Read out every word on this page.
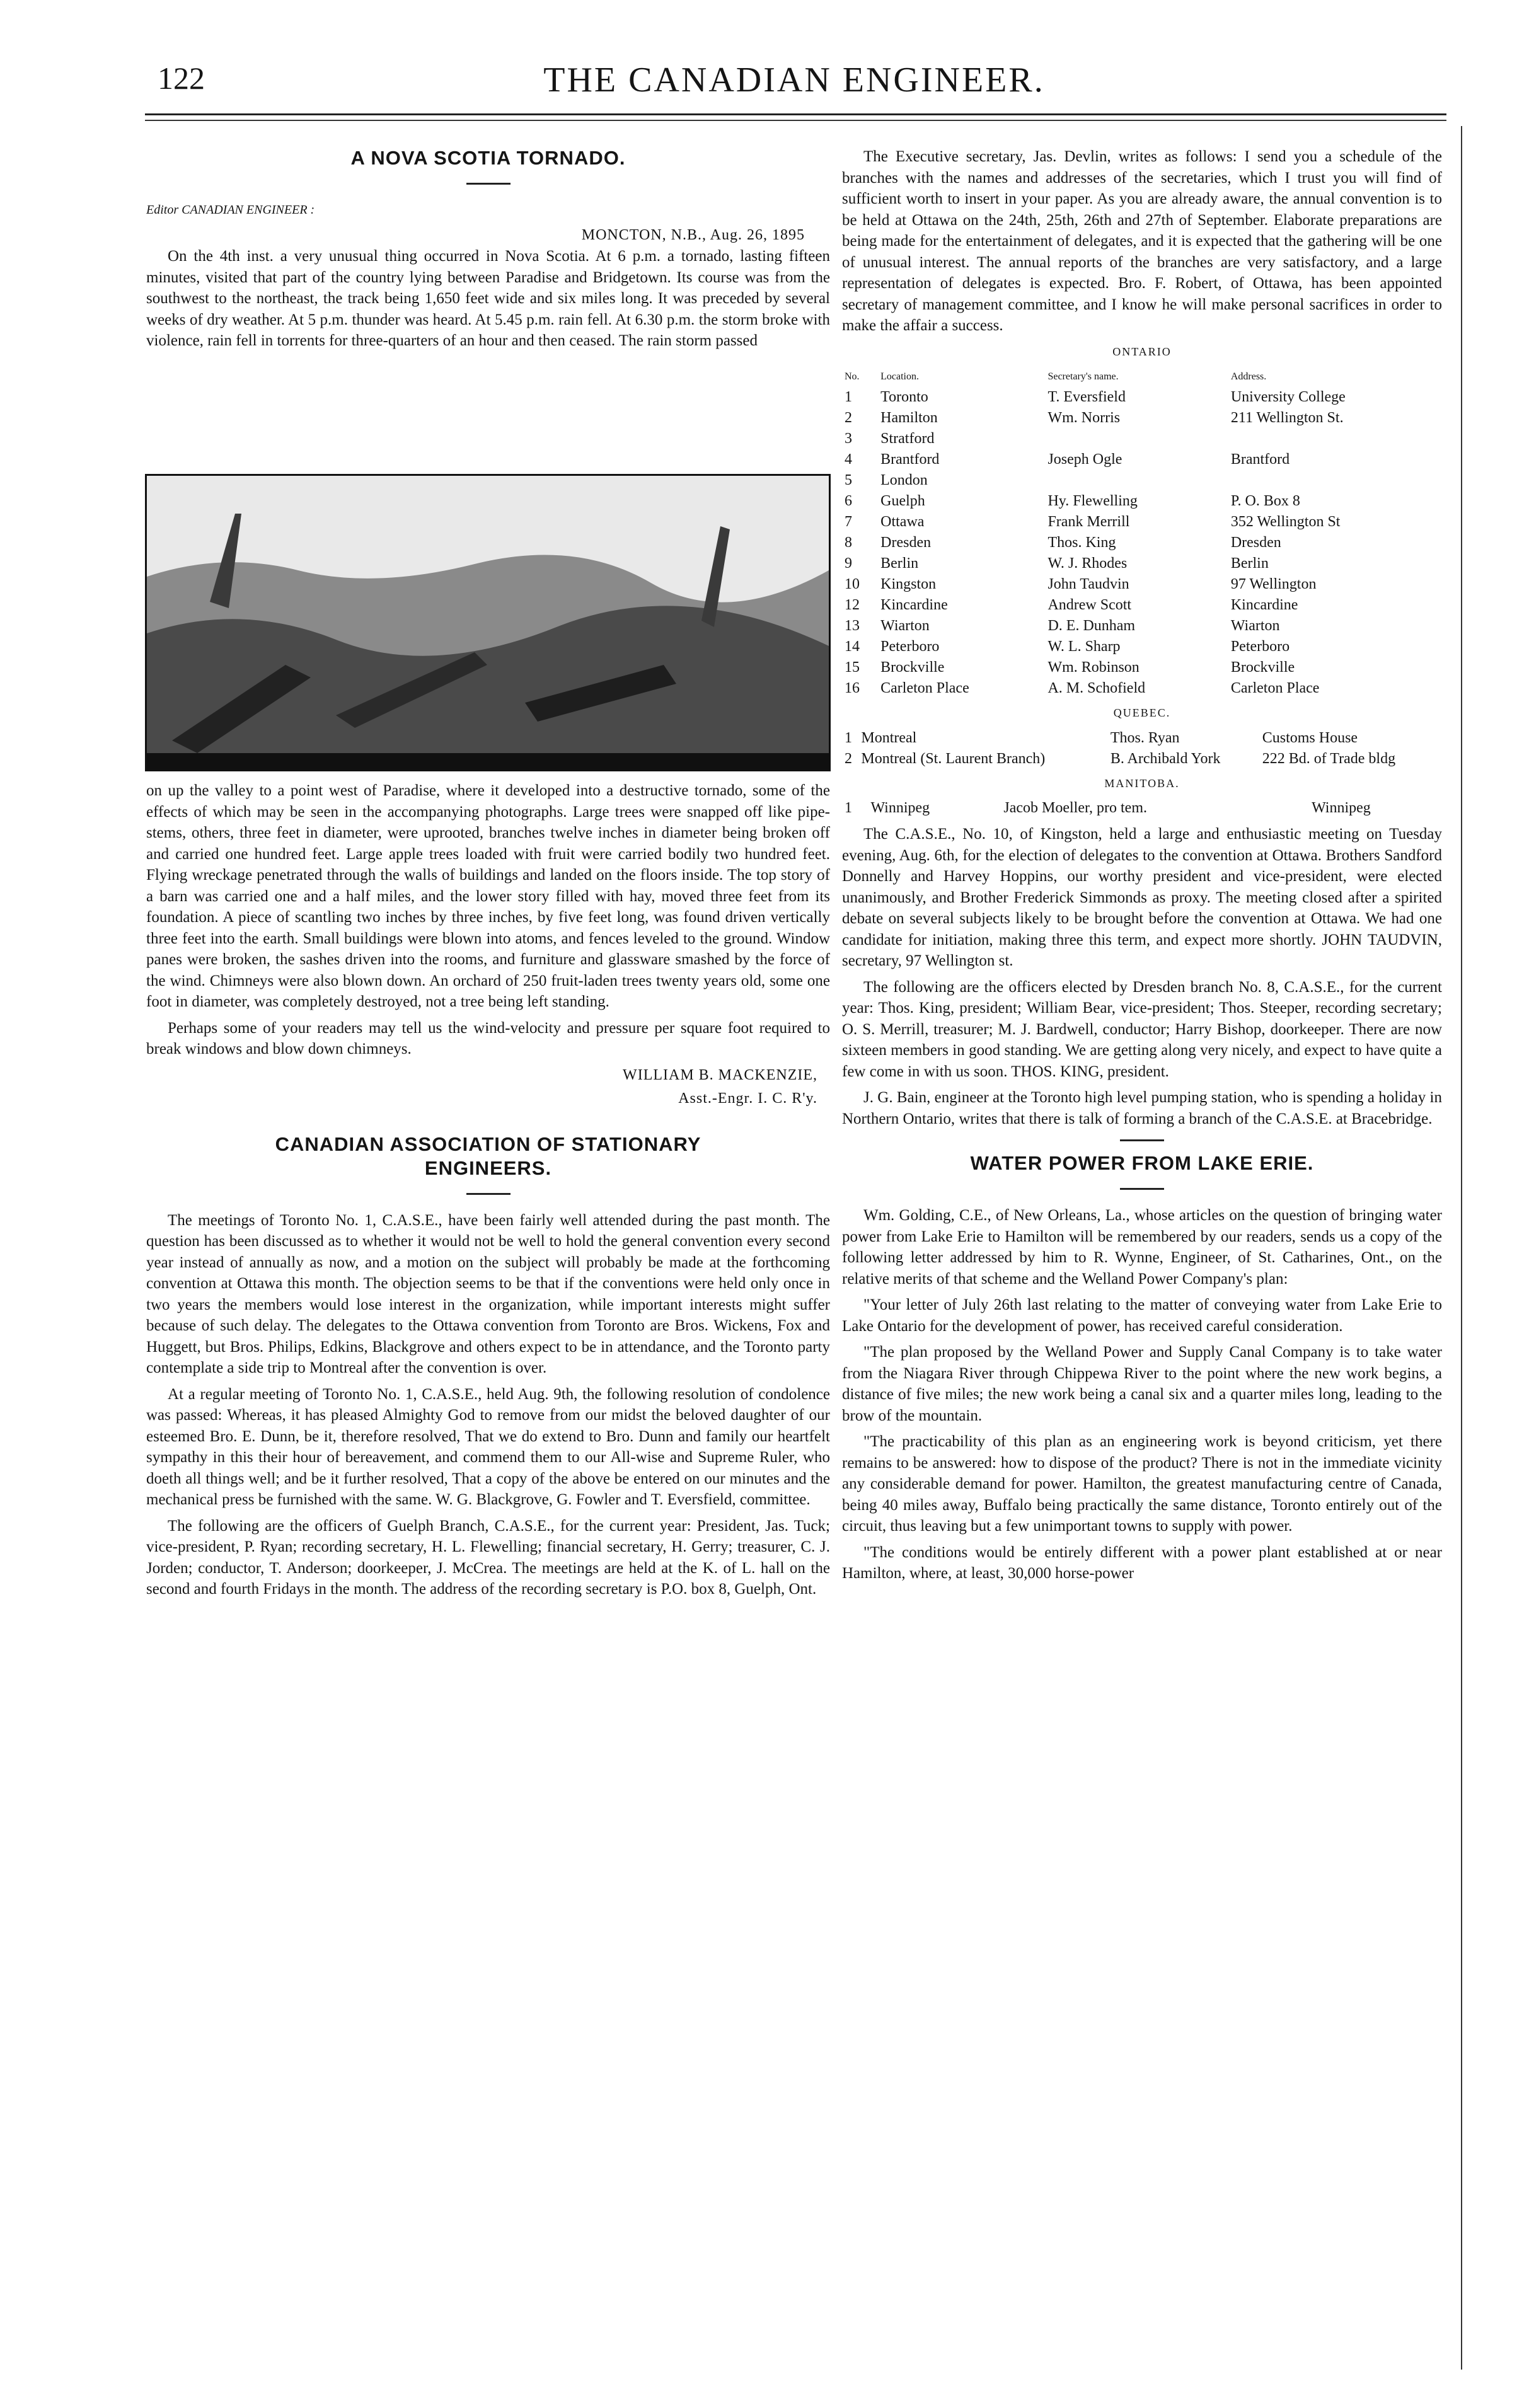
122	THE CANADIAN ENGINEER.
A NOVA SCOTIA TORNADO.
Editor CANADIAN ENGINEER :
MONCTON, N.B., Aug. 26, 1895

On the 4th inst. a very unusual thing occurred in Nova Scotia. At 6 p.m. a tornado, lasting fifteen minutes, visited that part of the country lying between Paradise and Bridgetown. Its course was from the southwest to the northeast, the track being 1,650 feet wide and six miles long. It was preceded by several weeks of dry weather. At 5 p.m. thunder was heard. At 5.45 p.m. rain fell. At 6.30 p.m. the storm broke with violence, rain fell in torrents for three-quarters of an hour and then ceased. The rain storm passed

on up the valley to a point west of Paradise, where it developed into a destructive tornado, some of the effects of which may be seen in the accompanying photographs. Large trees were snapped off like pipe-stems, others, three feet in diameter, were uprooted, branches twelve inches in diameter being broken off and carried one hundred feet. Large apple trees loaded with fruit were carried bodily two hundred feet. Flying wreckage penetrated through the walls of buildings and landed on the floors inside. The top story of a barn was carried one and a half miles, and the lower story filled with hay, moved three feet from its foundation. A piece of scantling two inches by three inches, by five feet long, was found driven vertically three feet into the earth. Small buildings were blown into atoms, and fences leveled to the ground. Window panes were broken, the sashes driven into the rooms, and furniture and glassware smashed by the force of the wind. Chimneys were also blown down. An orchard of 250 fruit-laden trees twenty years old, some one foot in diameter, was completely destroyed, not a tree being left standing.

Perhaps some of your readers may tell us the wind-velocity and pressure per square foot required to break windows and blow down chimneys.

WILLIAM B. MACKENZIE,
Asst.-Engr. I. C. R'y.
CANADIAN ASSOCIATION OF STATIONARY
ENGINEERS.

The meetings of Toronto No. 1, C.A.S.E., have been fairly well attended during the past month. The question has been discussed as to whether it would not be well to hold the general convention every second year instead of annually as now, and a motion on the subject will probably be made at the forthcoming convention at Ottawa this month. The objection seems to be that if the conventions were held only once in two years the members would lose interest in the organization, while important interests might suffer because of such delay. The delegates to the Ottawa convention from Toronto are Bros. Wickens, Fox and Huggett, but Bros. Philips, Edkins, Blackgrove and others expect to be in attendance, and the Toronto party contemplate a side trip to Montreal after the convention is over.

At a regular meeting of Toronto No. 1, C.A.S.E., held Aug. 9th, the following resolution of condolence was passed: Whereas, it has pleased Almighty God to remove from our midst the beloved daughter of our esteemed Bro. E. Dunn, be it, therefore resolved, That we do extend to Bro. Dunn and family our heartfelt sympathy in this their hour of bereavement, and commend them to our All-wise and Supreme Ruler, who doeth all things well; and be it further resolved, That a copy of the above be entered on our minutes and the mechanical press be furnished with the same. W. G. Blackgrove, G. Fowler and T. Eversfield, committee.

The following are the officers of Guelph Branch, C.A.S.E., for the current year: President, Jas. Tuck; vice-president, P. Ryan; recording secretary, H. L. Flewelling; financial secretary, H. Gerry; treasurer, C. J. Jorden; conductor, T. Anderson; doorkeeper, J. McCrea. The meetings are held at the K. of L. hall on the second and fourth Fridays in the month. The address of the recording secretary is P.O. box 8, Guelph, Ont.

The Executive secretary, Jas. Devlin, writes as follows: I send you a schedule of the branches with the names and addresses of the secretaries, which I trust you will find of sufficient worth to insert in your paper. As you are already aware, the annual convention is to be held at Ottawa on the 24th, 25th, 26th and 27th of September. Elaborate preparations are being made for the entertainment of delegates, and it is expected that the gathering will be one of unusual interest. The annual reports of the branches are very satisfactory, and a large representation of delegates is expected. Bro. F. Robert, of Ottawa, has been appointed secretary of management committee, and I know he will make personal sacrifices in order to make the affair a success.

ONTARIO
No.	Location.	Secretary's name.	Address.
1	Toronto	T. Eversfield	University College
2	Hamilton	Wm. Norris	211 Wellington St.
3	Stratford		
4	Brantford	Joseph Ogle	Brantford
5	London		
6	Guelph	Hy. Flewelling	P. O. Box 8
7	Ottawa	Frank Merrill	352 Wellington St
8	Dresden	Thos. King	Dresden
9	Berlin	W. J. Rhodes	Berlin
10	Kingston	John Taudvin	97 Wellington
12	Kincardine	Andrew Scott	Kincardine
13	Wiarton	D. E. Dunham	Wiarton
14	Peterboro	W. L. Sharp	Peterboro
15	Brockville	Wm. Robinson	Brockville
16	Carleton Place	A. M. Schofield	Carleton Place
QUEBEC.
1	Montreal	Thos. Ryan	Customs House
2	Montreal (St. Laurent Branch)	B. Archibald York	222 Bd. of Trade bldg
MANITOBA.
1	Winnipeg	Jacob Moeller, pro tem.	Winnipeg

The C.A.S.E., No. 10, of Kingston, held a large and enthusiastic meeting on Tuesday evening, Aug. 6th, for the election of delegates to the convention at Ottawa. Brothers Sandford Donnelly and Harvey Hoppins, our worthy president and vice-president, were elected unanimously, and Brother Frederick Simmonds as proxy. The meeting closed after a spirited debate on several subjects likely to be brought before the convention at Ottawa. We had one candidate for initiation, making three this term, and expect more shortly. JOHN TAUDVIN, secretary, 97 Wellington st.

The following are the officers elected by Dresden branch No. 8, C.A.S.E., for the current year: Thos. King, president; William Bear, vice-president; Thos. Steeper, recording secretary; O. S. Merrill, treasurer; M. J. Bardwell, conductor; Harry Bishop, doorkeeper. There are now sixteen members in good standing. We are getting along very nicely, and expect to have quite a few come in with us soon. THOS. KING, president.

J. G. Bain, engineer at the Toronto high level pumping station, who is spending a holiday in Northern Ontario, writes that there is talk of forming a branch of the C.A.S.E. at Bracebridge.

WATER POWER FROM LAKE ERIE.

Wm. Golding, C.E., of New Orleans, La., whose articles on the question of bringing water power from Lake Erie to Hamilton will be remembered by our readers, sends us a copy of the following letter addressed by him to R. Wynne, Engineer, of St. Catharines, Ont., on the relative merits of that scheme and the Welland Power Company's plan:

"Your letter of July 26th last relating to the matter of conveying water from Lake Erie to Lake Ontario for the development of power, has received careful consideration.

"The plan proposed by the Welland Power and Supply Canal Company is to take water from the Niagara River through Chippewa River to the point where the new work begins, a distance of five miles; the new work being a canal six and a quarter miles long, leading to the brow of the mountain.

"The practicability of this plan as an engineering work is beyond criticism, yet there remains to be answered: how to dispose of the product? There is not in the immediate vicinity any considerable demand for power. Hamilton, the greatest manufacturing centre of Canada, being 40 miles away, Buffalo being practically the same distance, Toronto entirely out of the circuit, thus leaving but a few unimportant towns to supply with power.

"The conditions would be entirely different with a power plant established at or near Hamilton, where, at least, 30,000 horse-power
